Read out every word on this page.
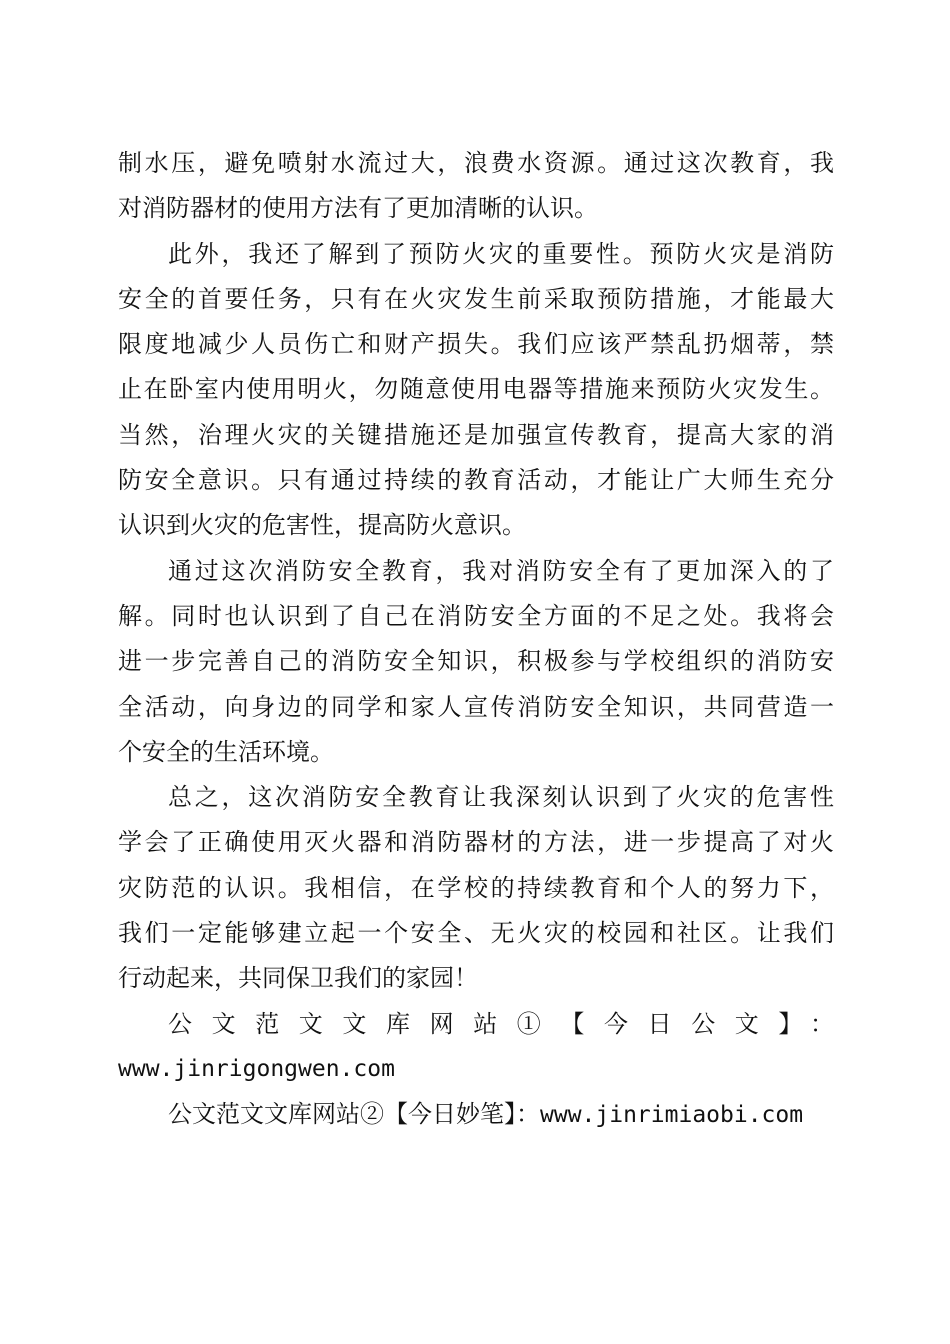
制水压，避免喷射水流过大，浪费水资源。通过这次教育，我
对消防器材的使用方法有了更加清晰的认识。
此外，我还了解到了预防火灾的重要性。预防火灾是消防
安全的首要任务，只有在火灾发生前采取预防措施，才能最大
限度地减少人员伤亡和财产损失。我们应该严禁乱扔烟蒂，禁
止在卧室内使用明火，勿随意使用电器等措施来预防火灾发生。
当然，治理火灾的关键措施还是加强宣传教育，提高大家的消
防安全意识。只有通过持续的教育活动，才能让广大师生充分
认识到火灾的危害性，提高防火意识。
通过这次消防安全教育，我对消防安全有了更加深入的了
解。同时也认识到了自己在消防安全方面的不足之处。我将会
进一步完善自己的消防安全知识，积极参与学校组织的消防安
全活动，向身边的同学和家人宣传消防安全知识，共同营造一
个安全的生活环境。
总之，这次消防安全教育让我深刻认识到了火灾的危害性
学会了正确使用灭火器和消防器材的方法，进一步提高了对火
灾防范的认识。我相信，在学校的持续教育和个人的努力下，
我们一定能够建立起一个安全、无火灾的校园和社区。让我们
行动起来，共同保卫我们的家园！
公文范文文库网站①【今日公文】：
www.jinrigongwen.com
公文范文文库网站②【今日妙笔】：www.jinrimiaobi.com
